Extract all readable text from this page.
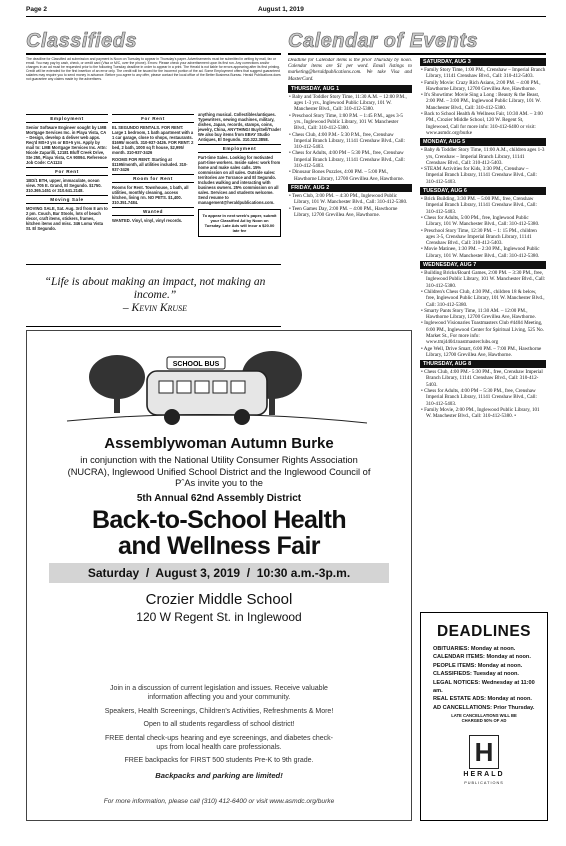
Page 2	August 1, 2019
Classifieds
The deadline for Classified ad submission and payment is Noon on Tuesday to appear in Thursday's paper. Advertisements must be submitted in writing by mail, fax or email. You may pay by cash, check, or credit card (Visa or M/C, over the phone). Errors: Please check your advertisement upon its first run. Any corrections and/or changes in an ad must be requested prior to the following Tuesday deadline in order to appear in a print. The Herald is not liable for errors appearing after its first printing. Credit will be extended for the first insertion of an error only. The credit will be issued for the incorrect portion of the ad. Some Employment offers that suggest guaranteed salaries may require you to send money in advance. Before you agree to any offer, please contact the local office of the Better Business Bureau. Herald Publications does not guarantee any claims made by the advertisers.
Employment
Senior Software Engineer sought by LMB Mortgage Services Inc. in Playa Vista, CA – Design, develop & deliver web apps. Req'd MS+3 yrs or BS+5 yrs. Apply by mail to: LMB Mortgage Services Inc. Attn: Nicole Zaparilli, 12181 Bluff Creek Drive, Ste 250, Playa Vista, CA 90094. Reference Job Code: CA1124
For Rent
1BD/1 BTH, upper, immaculate, ocean view. 705 E. Grand, El Segundo. $1750. 310.365.1451 or 310.641.2148.
Moving Sale
MOVING SALE, Sat. Aug. 3rd from 8 am to 2 pm. Couch, Bar Stools, lots of beach decor, craft items, stickers, frames, kitchen items and misc. 346 Loma Vista St. El Segundo.
For Rent
EL SEGUNDO RENTALS. FOR RENT: Large 1 bedroom, 1 bath apartment with a 1 car garage, close to shops, restaurants. $1695/ month. 310-937-3426. FOR RENT: 2 bed, 2 bath, 1000 sq ft house, $2,995/ month. 310-937-3426
ROOMS FOR RENT: Starting at $1195/month, all utilities included. 310-937-3426
Room for Rent
Rooms for Rent. Townhouse, 1 bath, all utilities, monthly cleaning, access kitchen, living rm. NO PETS. $1,400. 310.351.7484.
Wanted
WANTED. Vinyl, vinyl, vinyl records.
anything musical. Collectibles/antiques. Typewriters, sewing machines, military, dishes, Japan, records, stamps, coins, jewelry, China, ANYTHING! Buy/Sell/Trade! We also buy items from EBAY Studio Antiques, El Segundo. 310.322.3858.
Employment
Part-time Sales. Looking for motivated part-time workers. Inside sales: work from home and make sales calls. 15% commission on all sales. Outside sales: territories are Torrance and El Segundo. Includes walking and interacting with business owners. 25% commission on all sales. Services and students welcome. Send resume to management@heraldpublications.com.
To appear in next week's paper, submit your Classified Ad by Noon on Tuesday. Late Ads will incur a $20.00 late fee
“Life is about making an impact, not making an income.”
– Kevin Kruse
SCHOOL BUS
Assemblywoman Autumn Burke
in conjunction with the National Utility Consumer Rights Association (NUCRA), Inglewood Unified School District and the Inglewood Council of PˆAs invite you to the
5th Annual 62nd Assembly District
Back-to-School Health
and Wellness Fair
Saturday  /  August 3, 2019  /  10:30 a.m.-3p.m.
Crozier Middle School
120 W Regent St. in Inglewood
Join in a discussion of current legislation and issues. Receive valuable information affecting you and your community.
Speakers, Health Screenings, Children's Activities, Refreshments & More!
Open to all students regardless of school district!
FREE dental check-ups hearing and eye screenings, and diabetes check-ups from local health care professionals.
FREE backpacks for FIRST 500 students Pre-K to 9th grade.
Backpacks and parking are limited!
For more information, please call (310) 412-6400 or visit www.asmdc.org/burke
Calendar of Events
Deadline for Calendar items is the prior Thursday by noon. Calendar items are $1 per word. Email listings to marketing@heraldpublications.com. We take Visa and MasterCard.
THURSDAY, AUG 1

• Baby and Toddler Story Time, 11:30 A.M. – 12:00 P.M., ages 1-3 yrs., Inglewood Public Library, 101 W. Manchester Blvd., Call: 310-412-5380.

• Preschool Story Time, 1:00 P.M. – 1:45 P.M., ages 3-5 yrs., Inglewood Public Library, 101 W. Manchester Blvd., Call: 310-412-5380.

• Chess Club, 4:00 P.M.- 5:30 P.M., free, Crenshaw Imperial Branch Library, 11141 Crenshaw Blvd., Call: 310-412-5403.

• Chess for Adults, 4:00 PM – 5:30 PM., free, Crenshaw Imperial Branch Library, 11141 Crenshaw Blvd., Call: 310-412-5403.

• Dinosaur Bones Puzzles, 4:00 PM. – 5:00 PM., Hawthorne Library, 12700 Grevillea Ave, Hawthorne.

FRIDAY, AUG 2

• Teen Club, 3:00 PM. – 4:30 PM., Inglewood Public Library, 101 W. Manchester Blvd., Call: 310-412-5380.

• Teen Games Day, 2:00 PM. – 4:00 PM., Hawthorne Library, 12700 Grevillea Ave, Hawthorne.

SATURDAY, AUG 3

• Family Story Time, 1:00 PM., Crenshaw – Imperial Branch Library, 11141 Crenshaw Blvd., Call: 310-412-5403.

• Family Movie: Crazy Rich Asians, 2:00 PM. – 4:00 PM., Hawthorne Library, 12700 Grevillea Ave, Hawthorne.

• It's Showtime: Movie Sing a Long : Beauty & the Beast, 2:00 PM. – 3:00 PM., Inglewood Public Library, 101 W. Manchester Blvd., Call: 310-412-5380.

• Back to School Health & Wellness Fair, 10:30 AM. – 3:00 PM., Crozier Middle School, 120 W. Regent St, Inglewood, Call for more info: 310-412-6400 or visit: www.asmdc.org/burke

MONDAY, AUG 5

• Baby & Toddler Story Time, 11:00 A.M., children ages 1-3 yrs, Crenshaw – Imperial Branch Library, 11141 Crenshaw Blvd., Call: 310-412-5403.

• STEAM Activities for Kids, 3:30 PM., Crenshaw – Imperial Branch Library, 11141 Crenshaw Blvd., Call: 310-412-5403.

TUESDAY, AUG 6

• Brick Building, 3:30 PM. – 5:00 PM., free, Crenshaw Imperial Branch Library, 11141 Crenshaw Blvd., Call: 310-412-5403.

• Chess for Adults, 5:00 PM., free, Inglewood Public Library, 101 W. Manchester Blvd., Call: 310-412-5380.

• Preschool Story Time, 12:30 PM. – 1: 15 PM., children ages 3-5, Crenshaw Imperial Branch Library, 11141 Crenshaw Blvd., Call: 310-412-5403.

• Movie Matinee, 1:30 PM. – 2:30 PM., Inglewood Public Library, 101 W. Manchester Blvd., Call: 310-412-5380.

WEDNESDAY, AUG 7

• Building Bricks/Board Games, 2:00 PM. – 3:30 PM., free, Inglewood Public Library, 101 W. Manchester Blvd., Call: 310-412-5380.

• Children's Chess Club, 4:30 PM., children 18 & below, free, Inglewood Public Library, 101 W. Manchester Blvd., Call: 310-412-5380.

• Smarty Pants Story Time, 11:30 AM. – 12:00 PM., Hawthorne Library, 12700 Grevillea Ave, Hawthorne.

• Inglewood Visionaries Toastmasters Club #4404 Meeting, 6:00 PM., Inglewood Center for Spiritual Living, 525 No. Market St., For more info: www.tmj4404.toastmasterclubs.org

• Age Well, Drive Smart, 6:00 PM. – 7:00 PM., Hawthorne Library, 12700 Grevillea Ave, Hawthorne.

THURSDAY, AUG 8

• Chess Club, 4:00 PM.- 5:30 PM., free, Crenshaw Imperial Branch Library, 11141 Crenshaw Blvd., Call: 310-412-5403.

• Chess for Adults, 4:00 PM – 5:30 PM., free, Crenshaw Imperial Branch Library, 11141 Crenshaw Blvd., Call: 310-412-5403.

• Family Movie, 2:00 PM., Inglewood Public Library, 101 W. Manchester Blvd., Call: 310-412-5380. •

DEADLINES
OBITUARIES: Monday at noon.
CALENDAR ITEMS: Monday at noon.
PEOPLE ITEMS: Monday at noon.
CLASSIFIEDS: Tuesday at noon.
LEGAL NOTICES: Wednesday at 11:00 am.
REAL ESTATE ADS: Monday at noon.
AD CANCELLATIONS: Prior Thursday.
LATE CANCELLATIONS WILL BE CHARGED 50% OF AD
H
HERALD
PUBLICATIONS
